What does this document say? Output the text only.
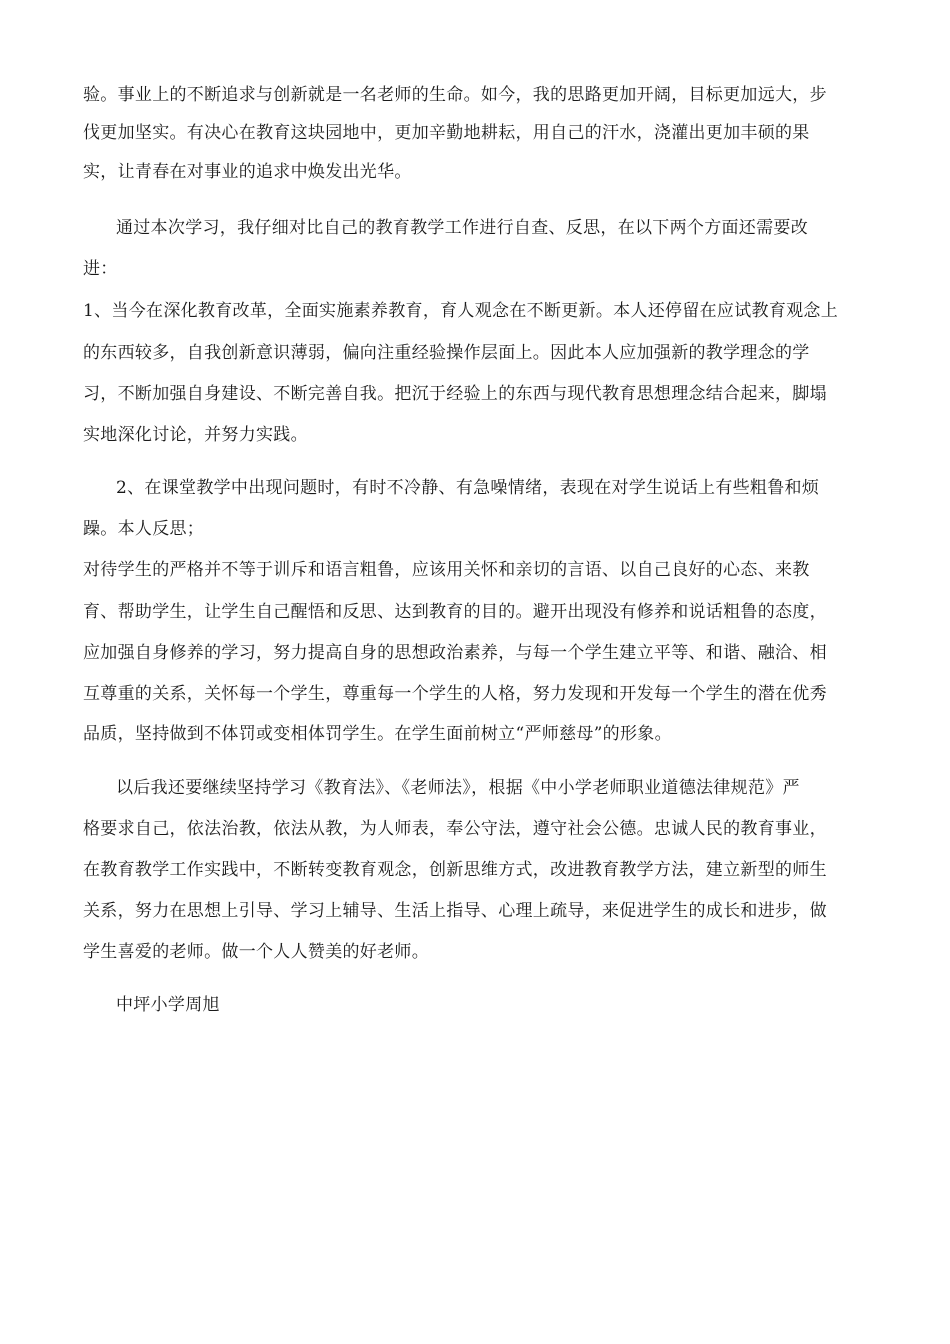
验。事业上的不断追求与创新就是一名老师的生命。如今，我的思路更加开阔，目标更加远大，步
伐更加坚实。有决心在教育这块园地中，更加辛勤地耕耘，用自己的汗水，浇灌出更加丰硕的果
实，让青春在对事业的追求中焕发出光华。
通过本次学习，我仔细对比自己的教育教学工作进行自查、反思，在以下两个方面还需要改
进：
1、当今在深化教育改革，全面实施素养教育，育人观念在不断更新。本人还停留在应试教育观念上
的东西较多，自我创新意识薄弱，偏向注重经验操作层面上。因此本人应加强新的教学理念的学
习，不断加强自身建设、不断完善自我。把沉于经验上的东西与现代教育思想理念结合起来，脚塌
实地深化讨论，并努力实践。
2、在课堂教学中出现问题时，有时不冷静、有急噪情绪，表现在对学生说话上有些粗鲁和烦
躁。本人反思；
对待学生的严格并不等于训斥和语言粗鲁，应该用关怀和亲切的言语、以自己良好的心态、来教
育、帮助学生，让学生自己醒悟和反思、达到教育的目的。避开出现没有修养和说话粗鲁的态度，
应加强自身修养的学习，努力提高自身的思想政治素养，与每一个学生建立平等、和谐、融洽、相
互尊重的关系，关怀每一个学生，尊重每一个学生的人格，努力发现和开发每一个学生的潜在优秀
品质，坚持做到不体罚或变相体罚学生。在学生面前树立“严师慈母”的形象。
以后我还要继续坚持学习《教育法》、《老师法》，根据《中小学老师职业道德法律规范》严
格要求自己，依法治教，依法从教，为人师表，奉公守法，遵守社会公德。忠诚人民的教育事业，
在教育教学工作实践中，不断转变教育观念，创新思维方式，改进教育教学方法，建立新型的师生
关系，努力在思想上引导、学习上辅导、生活上指导、心理上疏导，来促进学生的成长和进步，做
学生喜爱的老师。做一个人人赞美的好老师。
中坪小学周旭
